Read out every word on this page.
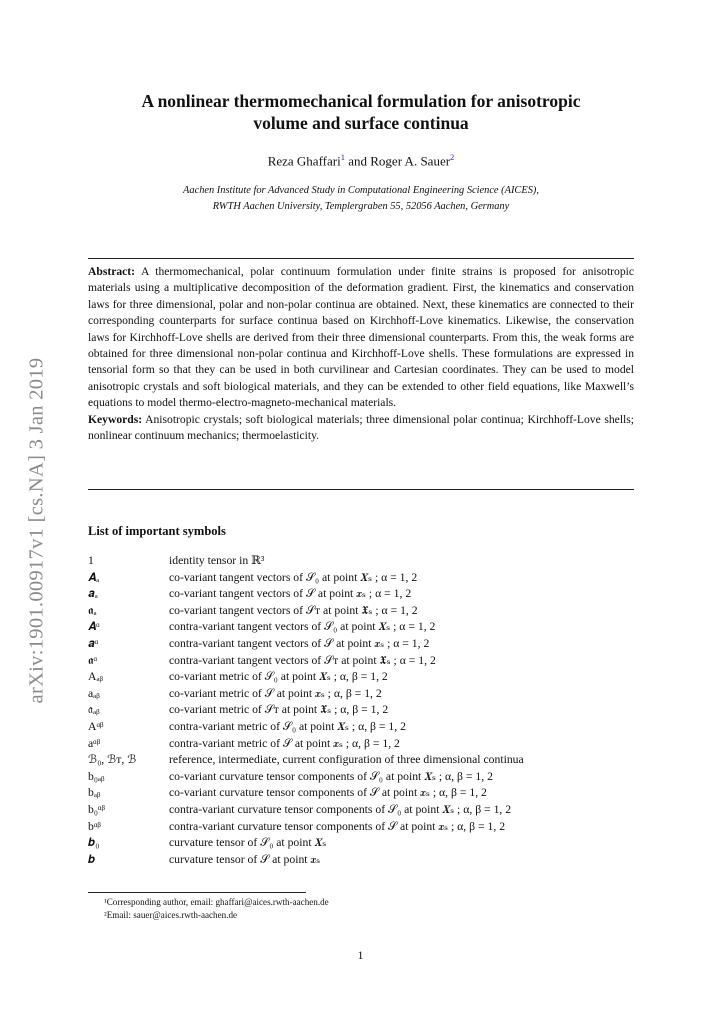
arXiv:1901.00917v1 [cs.NA] 3 Jan 2019
A nonlinear thermomechanical formulation for anisotropic
volume and surface continua
Reza Ghaffari$^1$ and Roger A. Sauer$^2$
Aachen Institute for Advanced Study in Computational Engineering Science (AICES),
RWTH Aachen University, Templergraben 55, 52056 Aachen, Germany
Abstract: A thermomechanical, polar continuum formulation under finite strains is proposed for anisotropic materials using a multiplicative decomposition of the deformation gradient. First, the kinematics and conservation laws for three dimensional, polar and non-polar continua are obtained. Next, these kinematics are connected to their corresponding counterparts for surface continua based on Kirchhoff-Love kinematics. Likewise, the conservation laws for Kirchhoff-Love shells are derived from their three dimensional counterparts. From this, the weak forms are obtained for three dimensional non-polar continua and Kirchhoff-Love shells. These formulations are expressed in tensorial form so that they can be used in both curvilinear and Cartesian coordinates. They can be used to model anisotropic crystals and soft biological materials, and they can be extended to other field equations, like Maxwell’s equations to model thermo-electro-magneto-mechanical materials.
Keywords: Anisotropic crystals; soft biological materials; three dimensional polar continua; Kirchhoff-Love shells; nonlinear continuum mechanics; thermoelasticity.
List of important symbols
1	identity tensor in ℝ³
𝑨ₐ	co-variant tangent vectors of 𝒮₀ at point 𝑿ₛ ; α = 1, 2
𝒂ₐ	co-variant tangent vectors of 𝒮 at point 𝒙ₛ ; α = 1, 2
𝖆ₐ	co-variant tangent vectors of 𝒮ᴛ at point 𝖃ₛ ; α = 1, 2
𝑨ᵅ	contra-variant tangent vectors of 𝒮₀ at point 𝑿ₛ ; α = 1, 2
𝒂ᵅ	contra-variant tangent vectors of 𝒮 at point 𝒙ₛ ; α = 1, 2
𝖆ᵅ	contra-variant tangent vectors of 𝒮ᴛ at point 𝖃ₛ ; α = 1, 2
Aₐᵦ	co-variant metric of 𝒮₀ at point 𝑿ₛ ; α, β = 1, 2
aₐᵦ	co-variant metric of 𝒮 at point 𝒙ₛ ; α, β = 1, 2
𝔞ₐᵦ	co-variant metric of 𝒮ᴛ at point 𝖃ₛ ; α, β = 1, 2
Aᵅᵝ	contra-variant metric of 𝒮₀ at point 𝑿ₛ ; α, β = 1, 2
aᵅᵝ	contra-variant metric of 𝒮 at point 𝒙ₛ ; α, β = 1, 2
ℬ₀, ℬᴛ, ℬ	reference, intermediate, current configuration of three dimensional continua
b₀ₐᵦ	co-variant curvature tensor components of 𝒮₀ at point 𝑿ₛ ; α, β = 1, 2
bₐᵦ	co-variant curvature tensor components of 𝒮 at point 𝒙ₛ ; α, β = 1, 2
b₀ᵅᵝ	contra-variant curvature tensor components of 𝒮₀ at point 𝑿ₛ ; α, β = 1, 2
bᵅᵝ	contra-variant curvature tensor components of 𝒮 at point 𝒙ₛ ; α, β = 1, 2
𝒃₀	curvature tensor of 𝒮₀ at point 𝑿ₛ
𝒃	curvature tensor of 𝒮 at point 𝒙ₛ
¹Corresponding author, email: ghaffari@aices.rwth-aachen.de
²Email: sauer@aices.rwth-aachen.de
1
